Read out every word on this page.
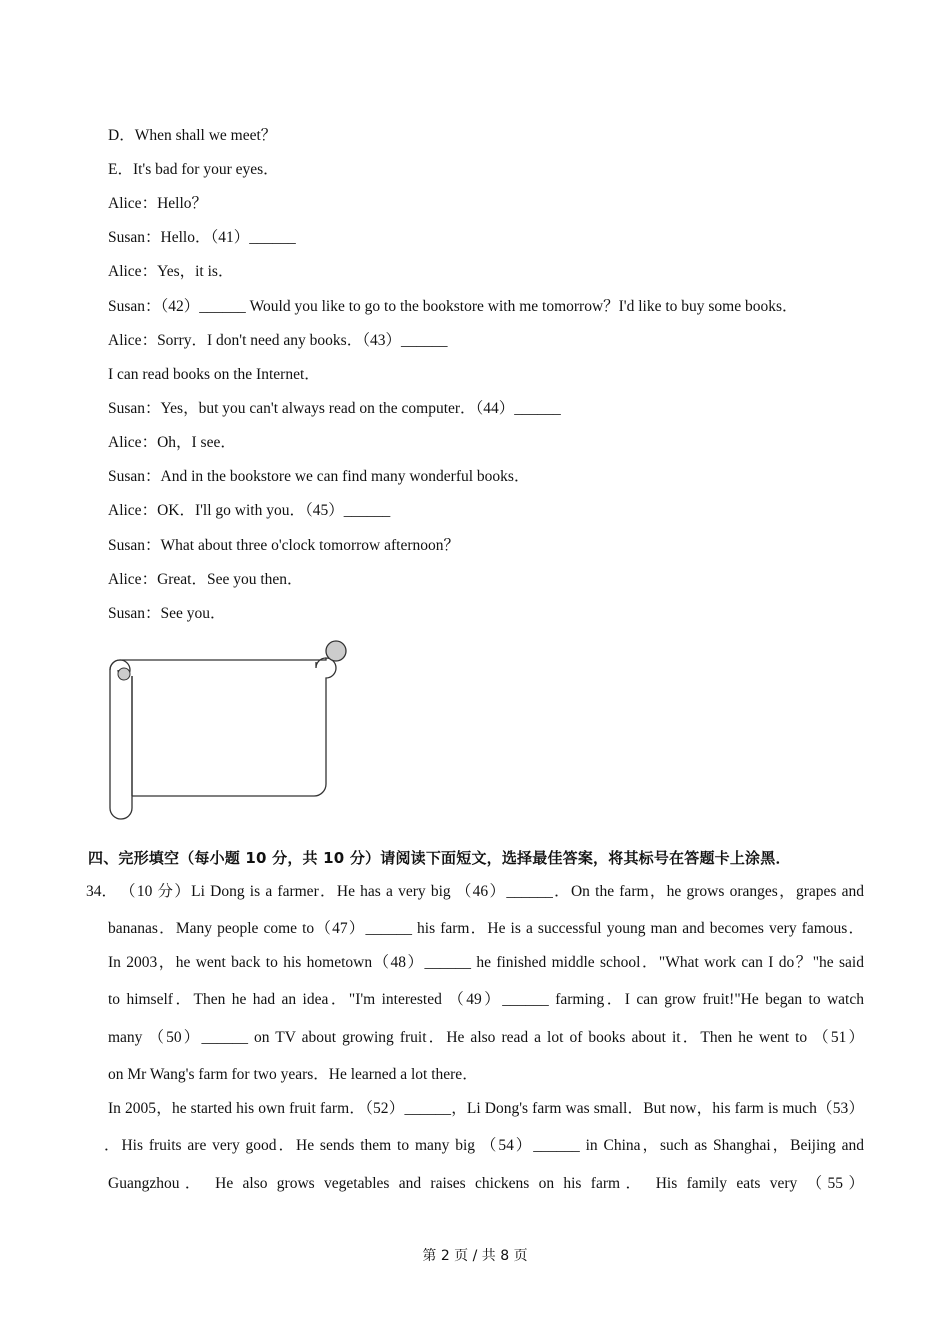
D．When shall we meet？
E．It's bad for your eyes．
Alice：Hello？
Susan：Hello．（41）______
Alice：Yes，it is．
Susan：（42）______ Would you like to go to the bookstore with me tomorrow？I'd like to buy some books．
Alice：Sorry．I don't need any books．（43）______
I can read books on the Internet．
Susan：Yes，but you can't always read on the computer．（44）______
Alice：Oh，I see．
Susan：And in the bookstore we can find many wonderful books．
Alice：OK．I'll go with you．（45）______
Susan：What about three o'clock tomorrow afternoon？
Alice：Great．See you then．
Susan：See you．
四、完形填空（每小题 10 分，共 10 分）请阅读下面短文，选择最佳答案，将其标号在答题卡上涂黑．
34． （10 分）Li Dong is a farmer．He has a very big （46）______．On the farm，he grows oranges，grapes and
bananas．Many people come to（47）______ his farm．He is a successful young man and becomes very famous．
In 2003，he went back to his hometown（48）______ he finished middle school．"What work can I do？"he said
to himself．Then he had an idea．"I'm interested （49）______ farming．I can grow fruit!"He began to watch
many （50）______ on TV about growing fruit．He also read a lot of books about it．Then he went to （51）
on Mr Wang's farm for two years．He learned a lot there．
In 2005，he started his own fruit farm．（52）______，Li Dong's farm was small．But now，his farm is much（53）
．His fruits are very good．He sends them to many big （54）______ in China，such as Shanghai，Beijing and
Guangzhou． He also grows vegetables and raises chickens on his farm． His family eats very （55）
第 2 页 / 共 8 页
